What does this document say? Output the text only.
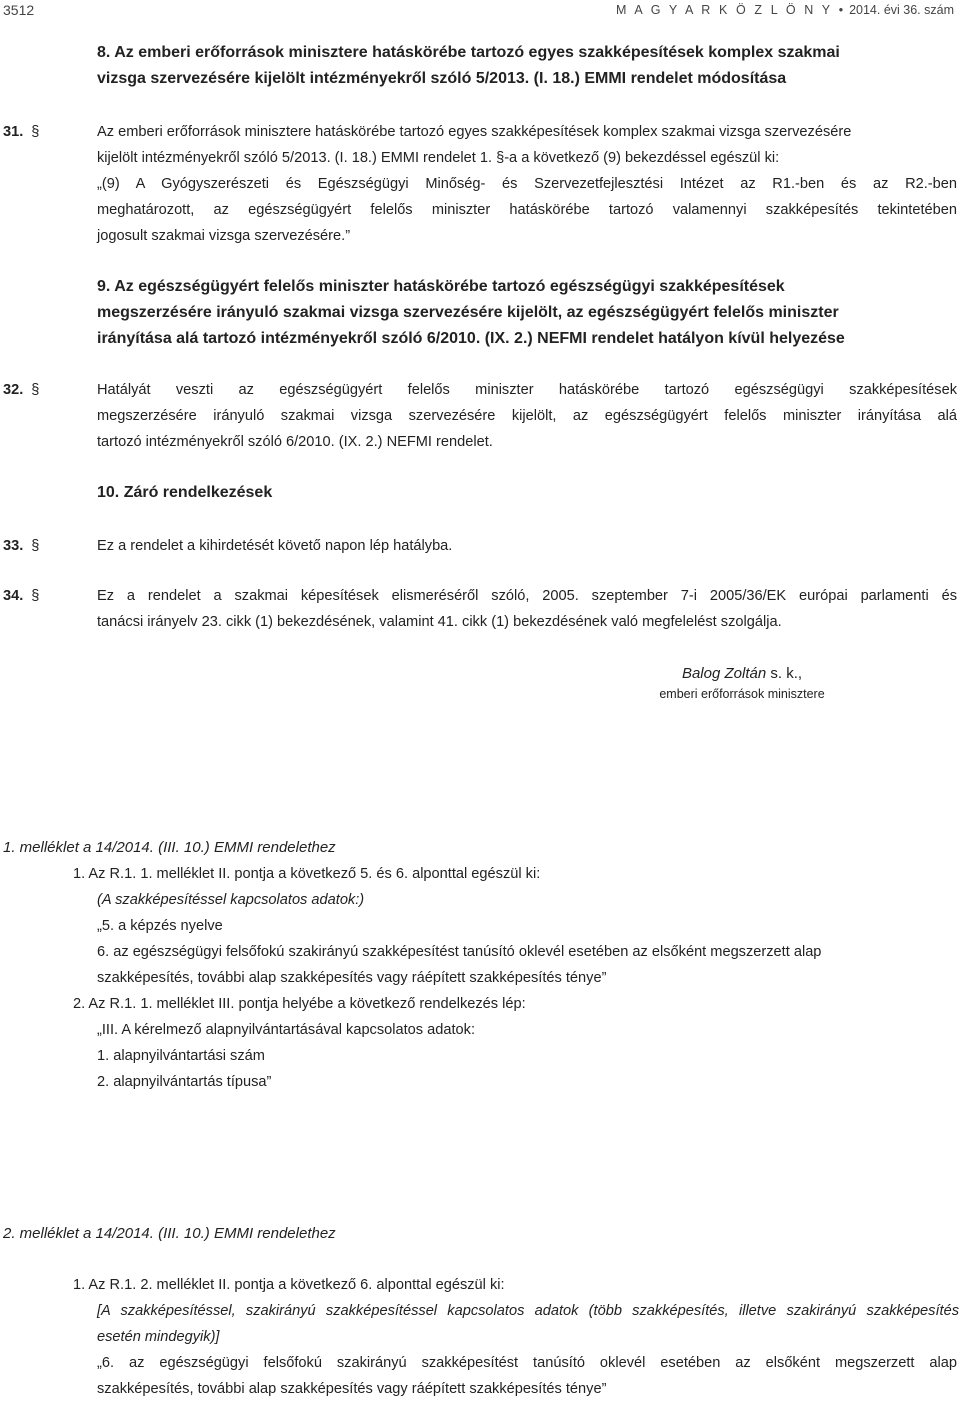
3512	M A G Y A R K Ö Z L Ö N Y • 2014. évi 36. szám
8. Az emberi erőforrások minisztere hatáskörébe tartozó egyes szakképesítések komplex szakmai
vizsga szervezésére kijelölt intézményekről szóló 5/2013. (I. 18.) EMMI rendelet módosítása
31. §	Az emberi erőforrások minisztere hatáskörébe tartozó egyes szakképesítések komplex szakmai vizsga szervezésére
kijelölt intézményekről szóló 5/2013. (I. 18.) EMMI rendelet 1. §-a a következő (9) bekezdéssel egészül ki:
„(9) A Gyógyszerészeti és Egészségügyi Minőség- és Szervezetfejlesztési Intézet az R1.-ben és az R2.-ben
meghatározott, az egészségügyért felelős miniszter hatáskörébe tartozó valamennyi szakképesítés tekintetében
jogosult szakmai vizsga szervezésére.”
9. Az egészségügyért felelős miniszter hatáskörébe tartozó egészségügyi szakképesítések
megszerzésére irányuló szakmai vizsga szervezésére kijelölt, az egészségügyért felelős miniszter
irányítása alá tartozó intézményekről szóló 6/2010. (IX. 2.) NEFMI rendelet hatályon kívül helyezése
32. §	Hatályát veszti az egészségügyért felelős miniszter hatáskörébe tartozó egészségügyi szakképesítések
megszerzésére irányuló szakmai vizsga szervezésére kijelölt, az egészségügyért felelős miniszter irányítása alá
tartozó intézményekről szóló 6/2010. (IX. 2.) NEFMI rendelet.
10. Záró rendelkezések
33. §	Ez a rendelet a kihirdetését követő napon lép hatályba.
34. §	Ez a rendelet a szakmai képesítések elismeréséről szóló, 2005. szeptember 7-i 2005/36/EK európai parlamenti és
tanácsi irányelv 23. cikk (1) bekezdésének, valamint 41. cikk (1) bekezdésének való megfelelést szolgálja.
Balog Zoltán s. k.,
emberi erőforrások minisztere
1. melléklet a 14/2014. (III. 10.) EMMI rendelethez
1. Az R.1. 1. melléklet II. pontja a következő 5. és 6. alponttal egészül ki:
(A szakképesítéssel kapcsolatos adatok:)
„5. a képzés nyelve
6. az egészségügyi felsőfokú szakirányú szakképesítést tanúsító oklevél esetében az elsőként megszerzett alap
szakképesítés, további alap szakképesítés vagy ráépített szakképesítés ténye”
2. Az R.1. 1. melléklet III. pontja helyébe a következő rendelkezés lép:
„III. A kérelmező alapnyilvántartásával kapcsolatos adatok:
1. alapnyilvántartási szám
2. alapnyilvántartás típusa”
2. melléklet a 14/2014. (III. 10.) EMMI rendelethez
1. Az R.1. 2. melléklet II. pontja a következő 6. alponttal egészül ki:
[A szakképesítéssel, szakirányú szakképesítéssel kapcsolatos adatok (több szakképesítés, illetve szakirányú szakképesítés
esetén mindegyik)]
„6. az egészségügyi felsőfokú szakirányú szakképesítést tanúsító oklevél esetében az elsőként megszerzett alap
szakképesítés, további alap szakképesítés vagy ráépített szakképesítés ténye”
